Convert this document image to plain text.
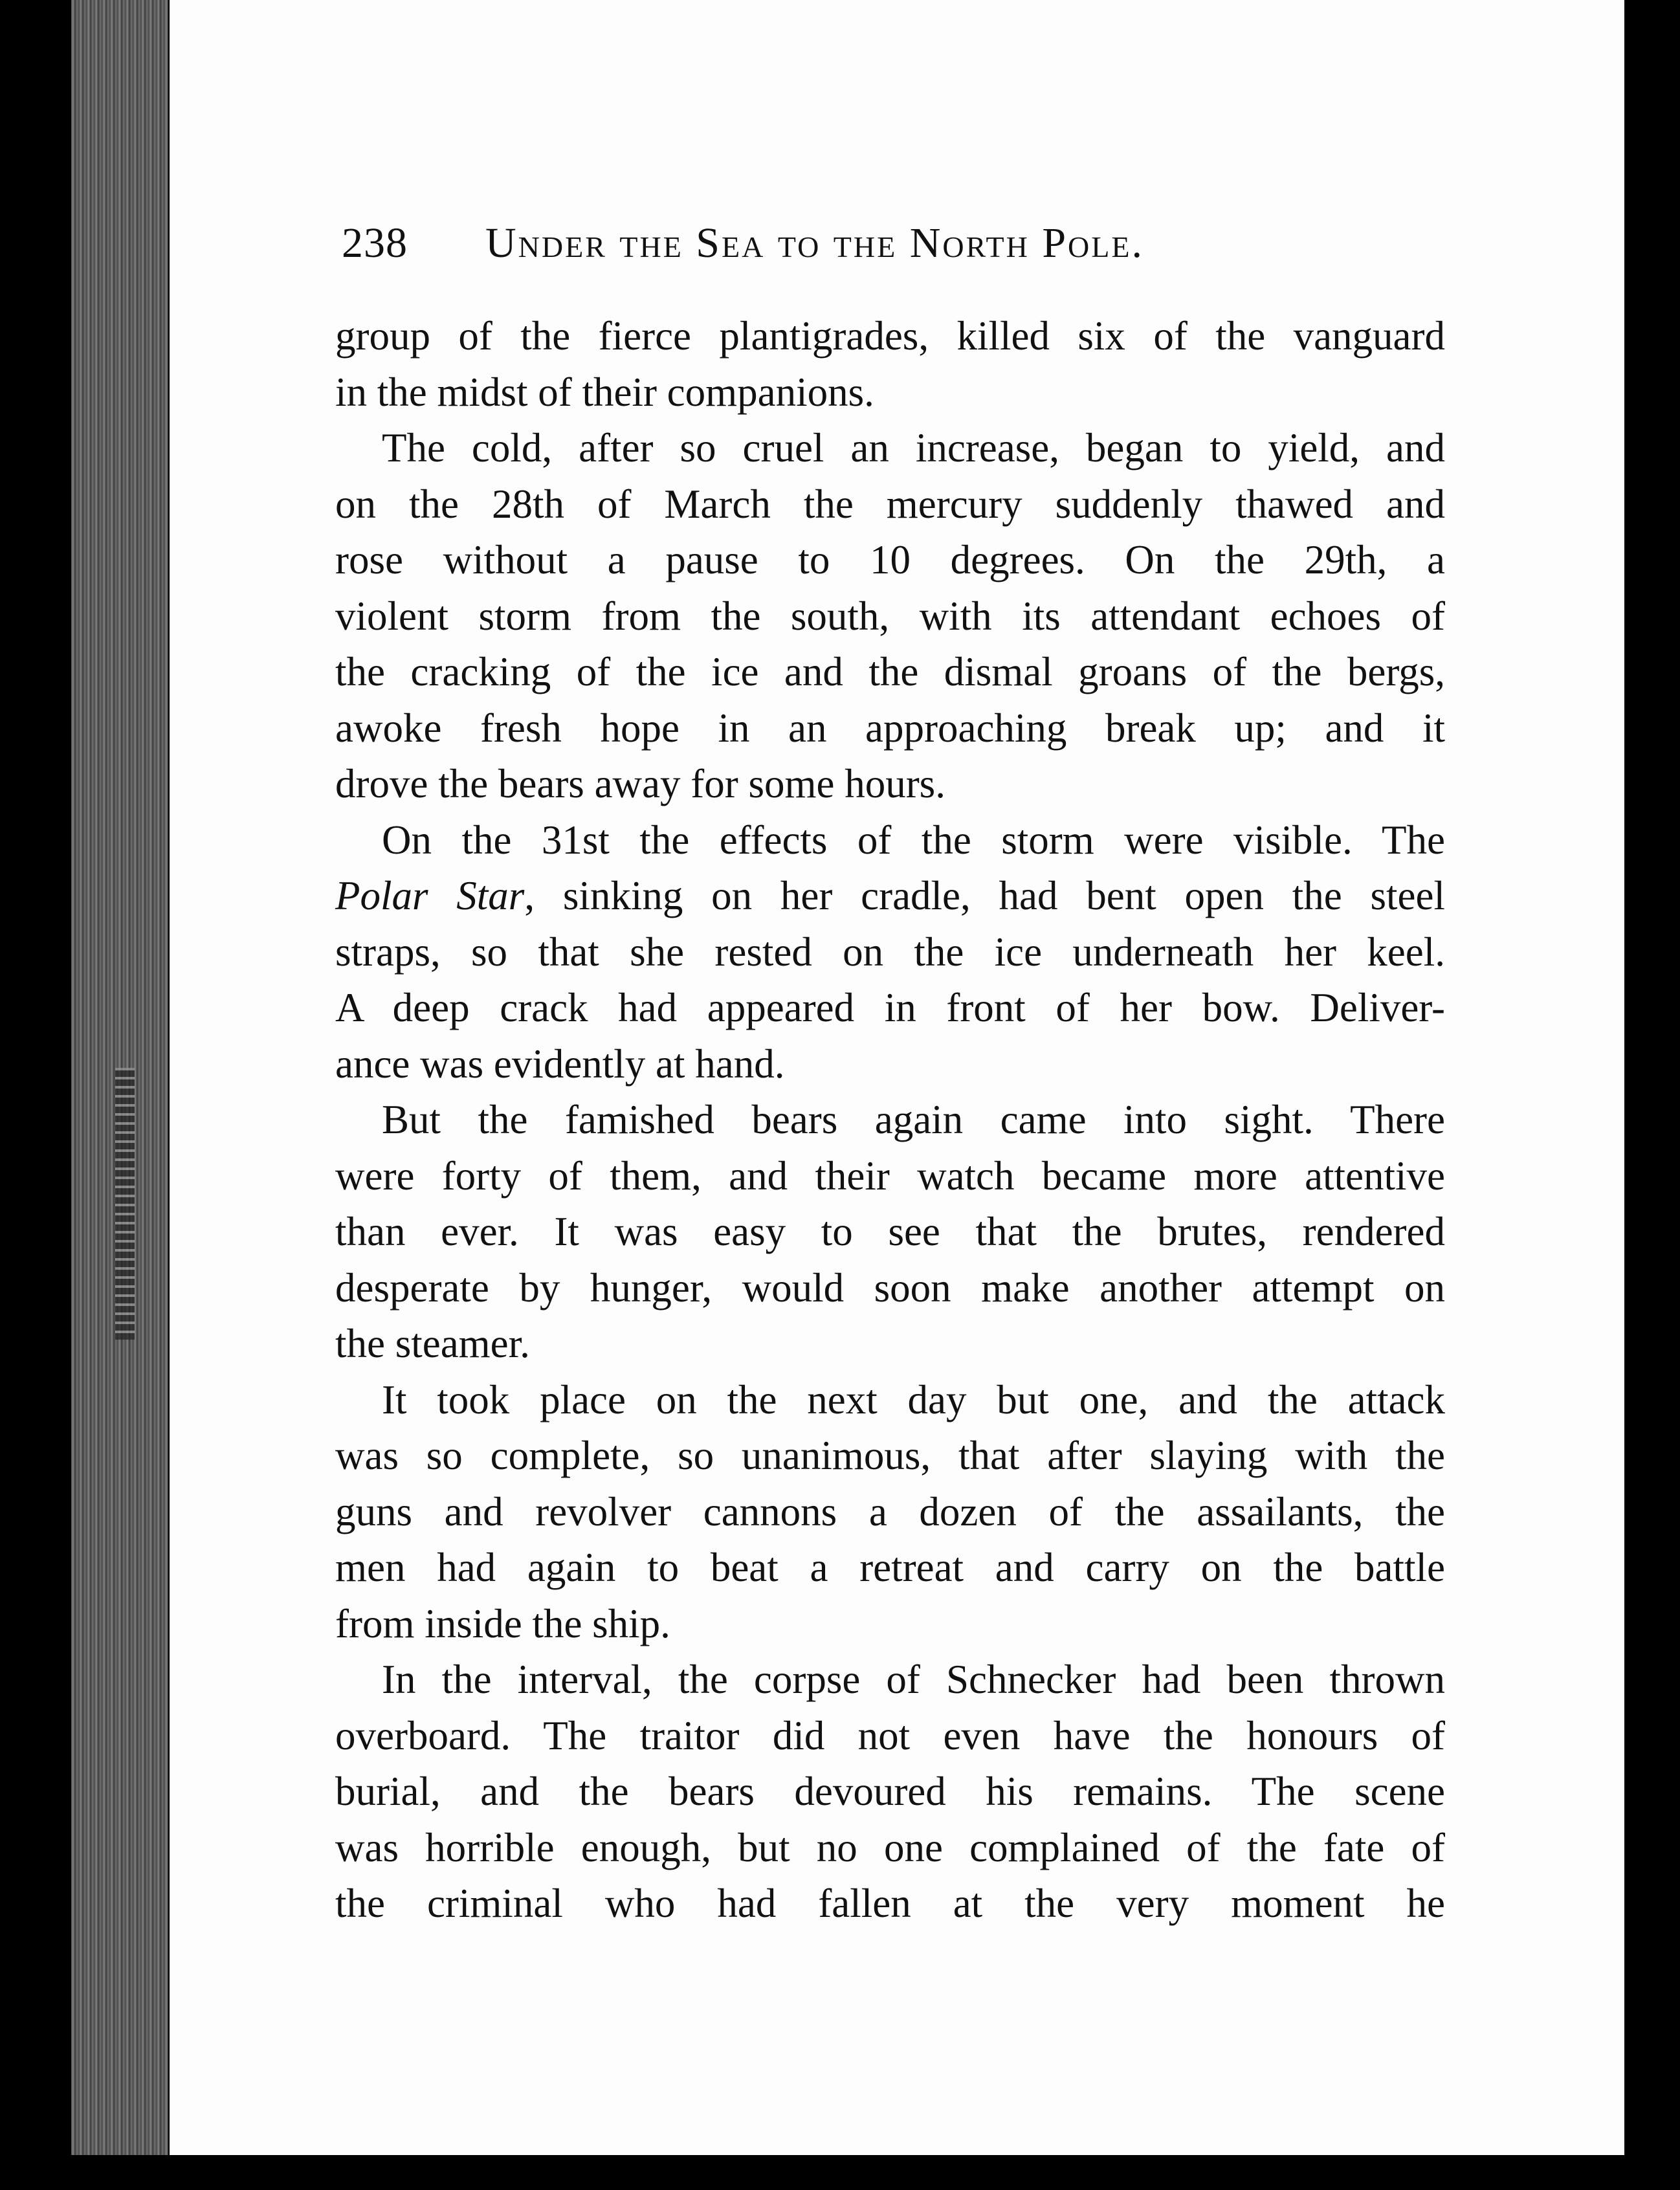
238 Under the Sea to the North Pole.

group of the fierce plantigrades, killed six of the vanguard
in the midst of their companions.

The cold, after so cruel an increase, began to yield, and
on the 28th of March the mercury suddenly thawed and
rose without a pause to 10 degrees. On the 29th, a
violent storm from the south, with its attendant echoes of
the cracking of the ice and the dismal groans of the bergs,
awoke fresh hope in an approaching break up; and it
drove the bears away for some hours.

On the 31st the effects of the storm were visible. The
Polar Star, sinking on her cradle, had bent open the steel
straps, so that she rested on the ice underneath her keel.
A deep crack had appeared in front of her bow. Deliver-
ance was evidently at hand.

But the famished bears again came into sight. There
were forty of them, and their watch became more attentive
than ever. It was easy to see that the brutes, rendered
desperate by hunger, would soon make another attempt on
the steamer.

It took place on the next day but one, and the attack
was so complete, so unanimous, that after slaying with the
guns and revolver cannons a dozen of the assailants, the
men had again to beat a retreat and carry on the battle
from inside the ship.

In the interval, the corpse of Schnecker had been thrown
overboard. The traitor did not even have the honours of
burial, and the bears devoured his remains. The scene
was horrible enough, but no one complained of the fate of
the criminal who had fallen at the very moment he
